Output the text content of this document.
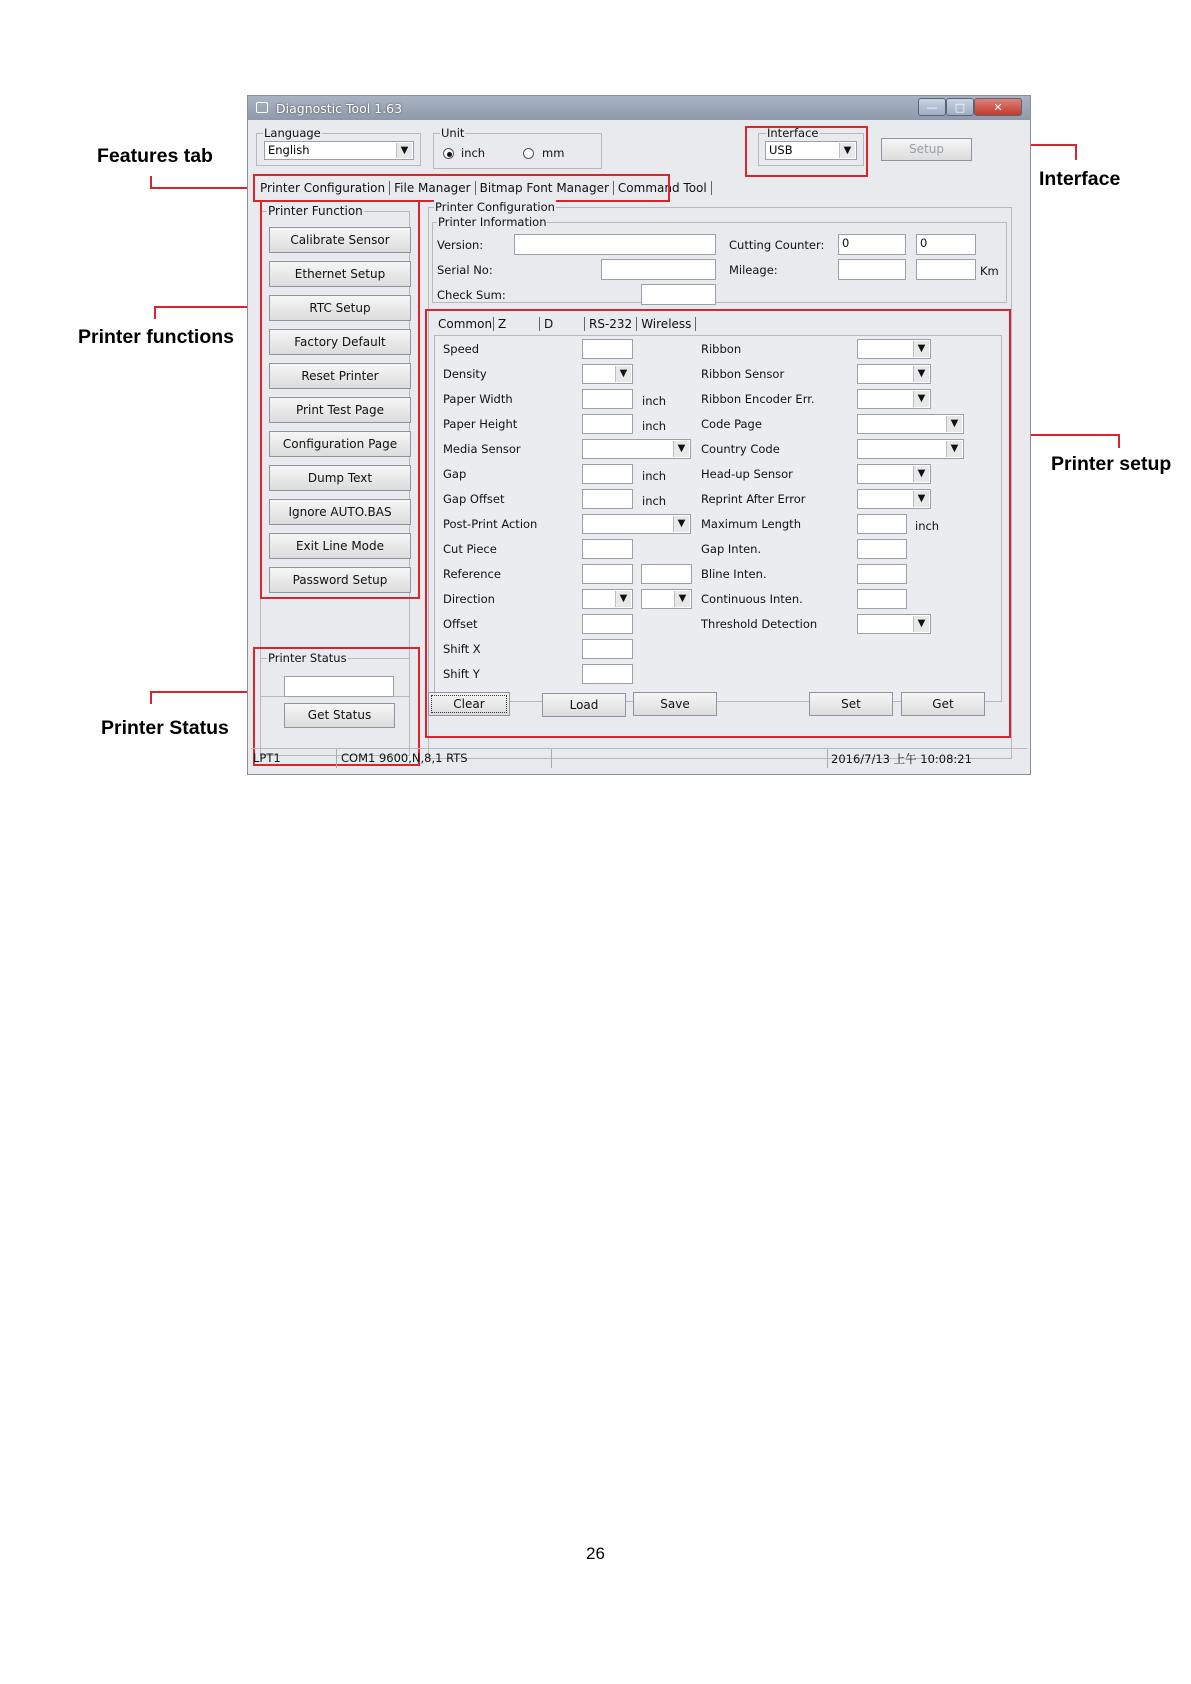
Features tab
Printer functions
Printer Status
Interface
Printer setup
Diagnostic Tool 1.63	—	□	✕
Language
English	▼
Unit
inch	mm
Interface
USB	▼	Setup
Printer Configuration File Manager Bitmap Font Manager Command Tool
Printer Function
Calibrate Sensor
Ethernet Setup
RTC Setup
Factory Default
Reset Printer
Print Test Page
Configuration Page
Dump Text
Ignore AUTO.BAS
Exit Line Mode
Password Setup
Printer Status
Get Status
Printer Configuration
Printer Information
Version:
Serial No:
Check Sum:
Cutting Counter:	0	0
Mileage:	Km
Common Z	D	RS-232 Wireless
Speed
Density	▼
Paper Width	inch
Paper Height	inch
Media Sensor	▼
Gap	inch
Gap Offset	inch
Post-Print Action	▼
Cut Piece
Reference
Direction	▼	▼
Offset
Shift X
Shift Y
Ribbon	▼
Ribbon Sensor	▼
Ribbon Encoder Err.	▼
Code Page	▼
Country Code	▼
Head-up Sensor	▼
Reprint After Error	▼
Maximum Length	inch
Gap Inten.
Bline Inten.
Continuous Inten.
Threshold Detection	▼
Clear	Load	Save	Set	Get
LPT1	COM1 9600,N,8,1 RTS	2016/7/13 上午 10:08:21
26
